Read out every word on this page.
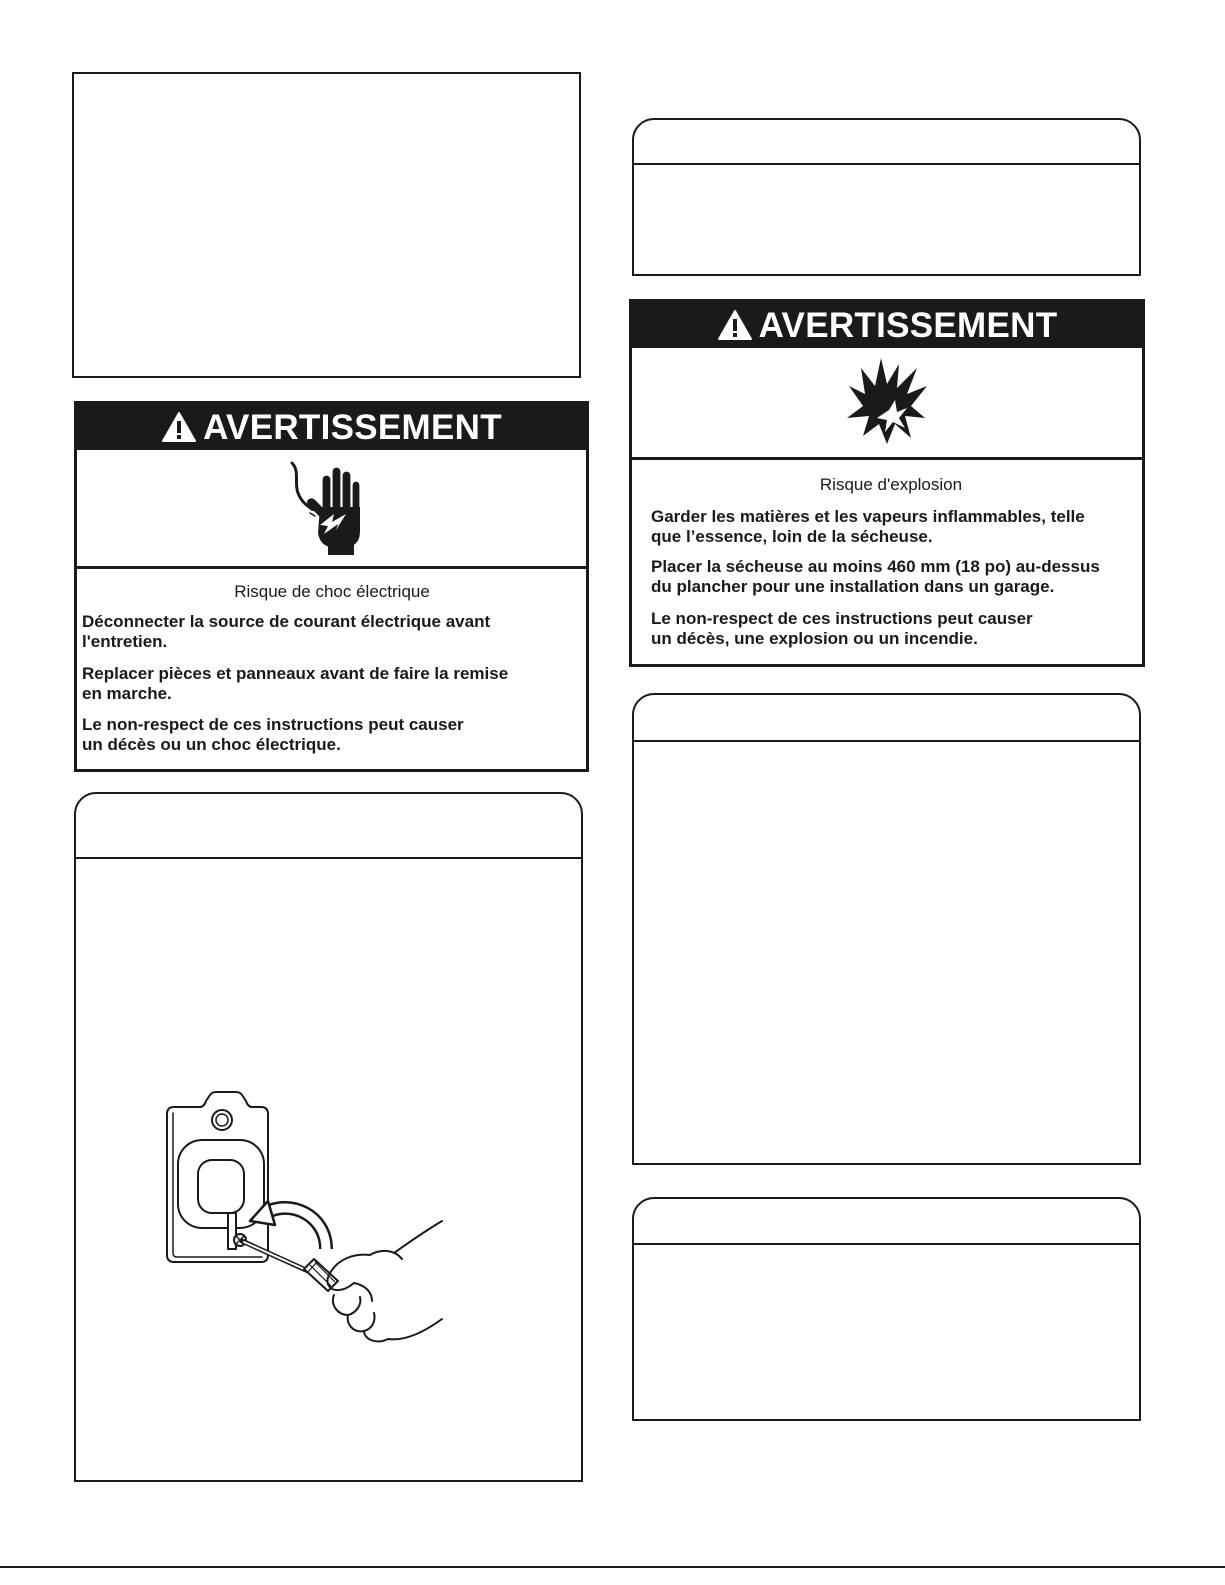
AVERTISSEMENT
Risque de choc électrique
Déconnecter la source de courant électrique avant
l'entretien.
Replacer pièces et panneaux avant de faire la remise
en marche.
Le non-respect de ces instructions peut causer
un décès ou un choc électrique.
AVERTISSEMENT
Risque d'explosion
Garder les matières et les vapeurs inflammables, telle
que l’essence, loin de la sécheuse.
Placer la sécheuse au moins 460 mm (18 po) au-dessus
du plancher pour une installation dans un garage.
Le non-respect de ces instructions peut causer
un décès, une explosion ou un incendie.
